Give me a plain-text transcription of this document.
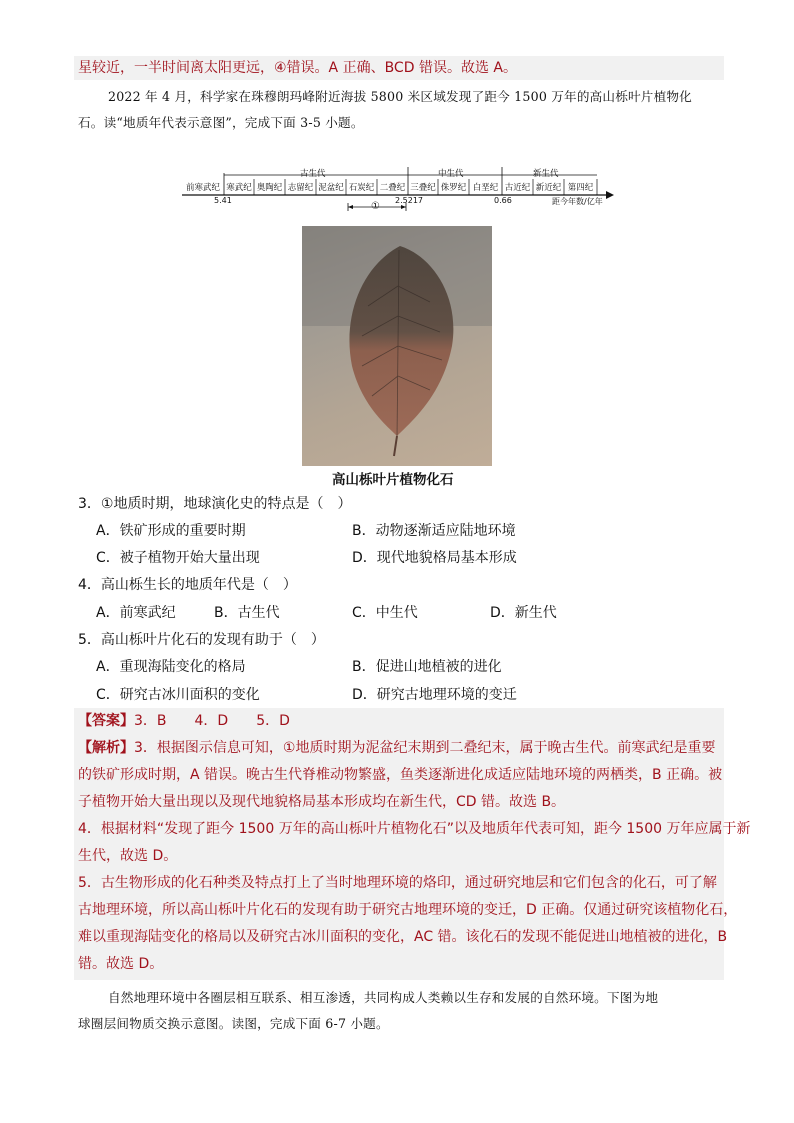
星较近，一半时间离太阳更远，④错误。A 正确、BCD 错误。故选 A。
2022 年 4 月，科学家在珠穆朗玛峰附近海拔 5800 米区域发现了距今 1500 万年的高山栎叶片植物化
石。读“地质年代表示意图”，完成下面 3-5 小题。
古生代	中生代	新生代
前寒武纪 寒武纪 奥陶纪 志留纪 泥盆纪 石炭纪 二叠纪 三叠纪 侏罗纪 白垩纪 古近纪 新近纪 第四纪
5.41	2.5217	0.66	距今年数/亿年
①
高山栎叶片植物化石
3．①地质时期，地球演化史的特点是（　）
A．铁矿形成的重要时期	B．动物逐渐适应陆地环境
C．被子植物开始大量出现	D．现代地貌格局基本形成
4．高山栎生长的地质年代是（　）
A．前寒武纪	B．古生代	C．中生代	D．新生代
5．高山栎叶片化石的发现有助于（　）
A．重现海陆变化的格局	B．促进山地植被的进化
C．研究古冰川面积的变化	D．研究古地理环境的变迁
【答案】3．B　　4．D　　5．D
【解析】3．根据图示信息可知，①地质时期为泥盆纪末期到二叠纪末，属于晚古生代。前寒武纪是重要
的铁矿形成时期，A 错误。晚古生代脊椎动物繁盛，鱼类逐渐进化成适应陆地环境的两栖类，B 正确。被
子植物开始大量出现以及现代地貌格局基本形成均在新生代，CD 错。故选 B。
4．根据材料“发现了距今 1500 万年的高山栎叶片植物化石”以及地质年代表可知，距今 1500 万年应属于新
生代，故选 D。
5．古生物形成的化石种类及特点打上了当时地理环境的烙印，通过研究地层和它们包含的化石，可了解
古地理环境，所以高山栎叶片化石的发现有助于研究古地理环境的变迁，D 正确。仅通过研究该植物化石，
难以重现海陆变化的格局以及研究古冰川面积的变化，AC 错。该化石的发现不能促进山地植被的进化，B
错。故选 D。
自然地理环境中各圈层相互联系、相互渗透，共同构成人类赖以生存和发展的自然环境。下图为地
球圈层间物质交换示意图。读图，完成下面 6-7 小题。
